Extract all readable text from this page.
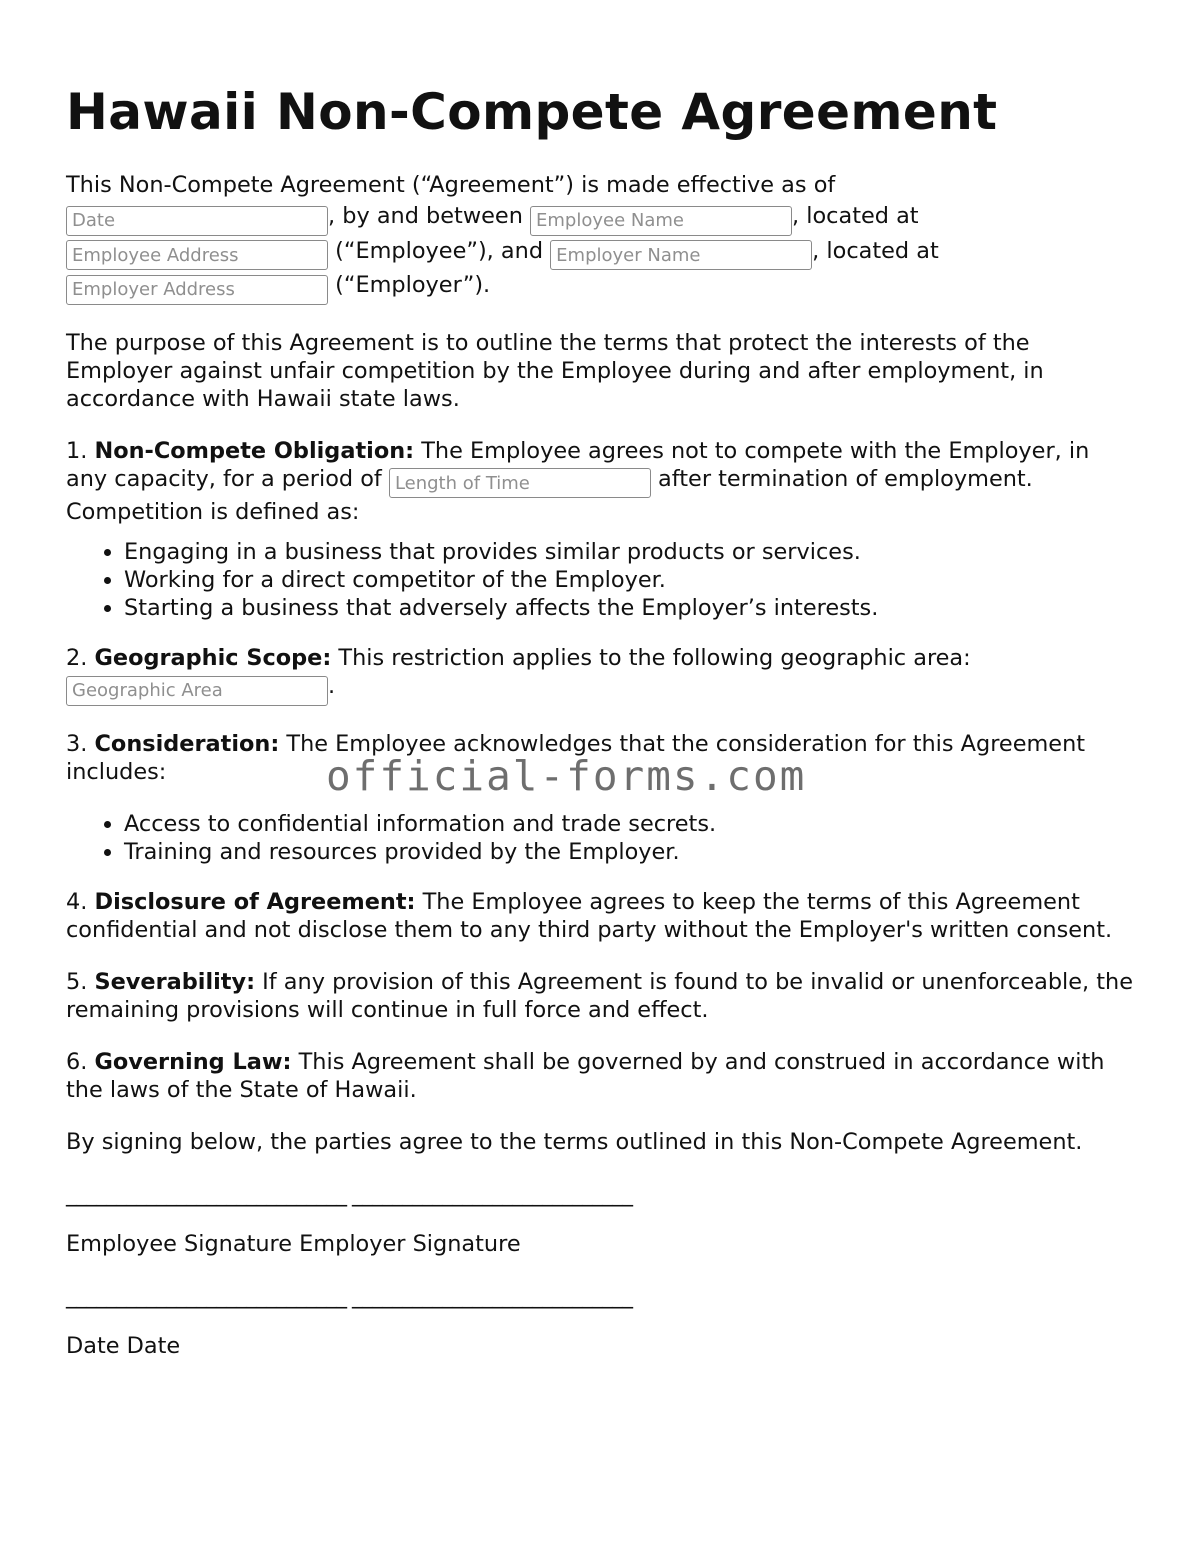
Hawaii Non-Compete Agreement

This Non-Compete Agreement (“Agreement”) is made effective as of
Date, by and between Employee Name	, located at
Employee Address (“Employee”), and Employer Name	, located at
Employer Address (“Employer”).

The purpose of this Agreement is to outline the terms that protect the interests of the Employer against unfair competition by the Employee during and after employment, in accordance with Hawaii state laws.

1. Non-Compete Obligation: The Employee agrees not to compete with the Employer, in any capacity, for a period of Length of Time	after termination of employment. Competition is defined as:

• Engaging in a business that provides similar products or services.
• Working for a direct competitor of the Employer.
• Starting a business that adversely affects the Employer’s interests.

2. Geographic Scope: This restriction applies to the following geographic area:
Geographic Area.

3. Consideration: The Employee acknowledges that the consideration for this Agreement includes:

• Access to confidential information and trade secrets.
• Training and resources provided by the Employer.

4. Disclosure of Agreement: The Employee agrees to keep the terms of this Agreement confidential and not disclose them to any third party without the Employer's written consent.

5. Severability: If any provision of this Agreement is found to be invalid or unenforceable, the remaining provisions will continue in full force and effect.

6. Governing Law: This Agreement shall be governed by and construed in accordance with the laws of the State of Hawaii.

By signing below, the parties agree to the terms outlined in this Non-Compete Agreement.

____________________________ ____________________________

Employee Signature Employer Signature

____________________________ ____________________________

Date Date

official-forms.com
